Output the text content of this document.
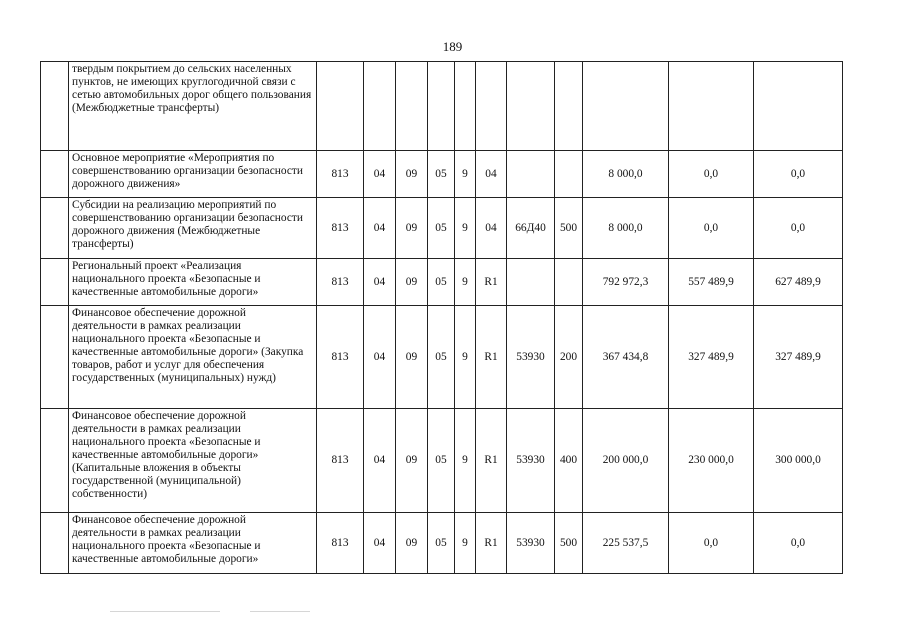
189
	твердым покрытием до сельских населенных пунктов, не имеющих круглогодичной связи с сетью автомобильных дорог общего пользования (Межбюджетные трансферты)											
	Основное мероприятие «Мероприятия по совершенствованию организации безопасности дорожного движения»	813	04	09	05	9	04			8 000,0	0,0	0,0
	Субсидии на реализацию мероприятий по совершенствованию организации безопасности дорожного движения (Межбюджетные трансферты)	813	04	09	05	9	04	66Д40	500	8 000,0	0,0	0,0
	Региональный проект «Реализация национального проекта «Безопасные и качественные автомобильные дороги»	813	04	09	05	9	R1			792 972,3	557 489,9	627 489,9
	Финансовое обеспечение дорожной деятельности в рамках реализации национального проекта «Безопасные и качественные автомобильные дороги» (Закупка товаров, работ и услуг для обеспечения государственных (муниципальных) нужд)	813	04	09	05	9	R1	53930	200	367 434,8	327 489,9	327 489,9
	Финансовое обеспечение дорожной деятельности в рамках реализации национального проекта «Безопасные и качественные автомобильные дороги» (Капитальные вложения в объекты государственной (муниципальной) собственности)	813	04	09	05	9	R1	53930	400	200 000,0	230 000,0	300 000,0
	Финансовое обеспечение дорожной деятельности в рамках реализации национального проекта «Безопасные и качественные автомобильные дороги»	813	04	09	05	9	R1	53930	500	225 537,5	0,0	0,0
